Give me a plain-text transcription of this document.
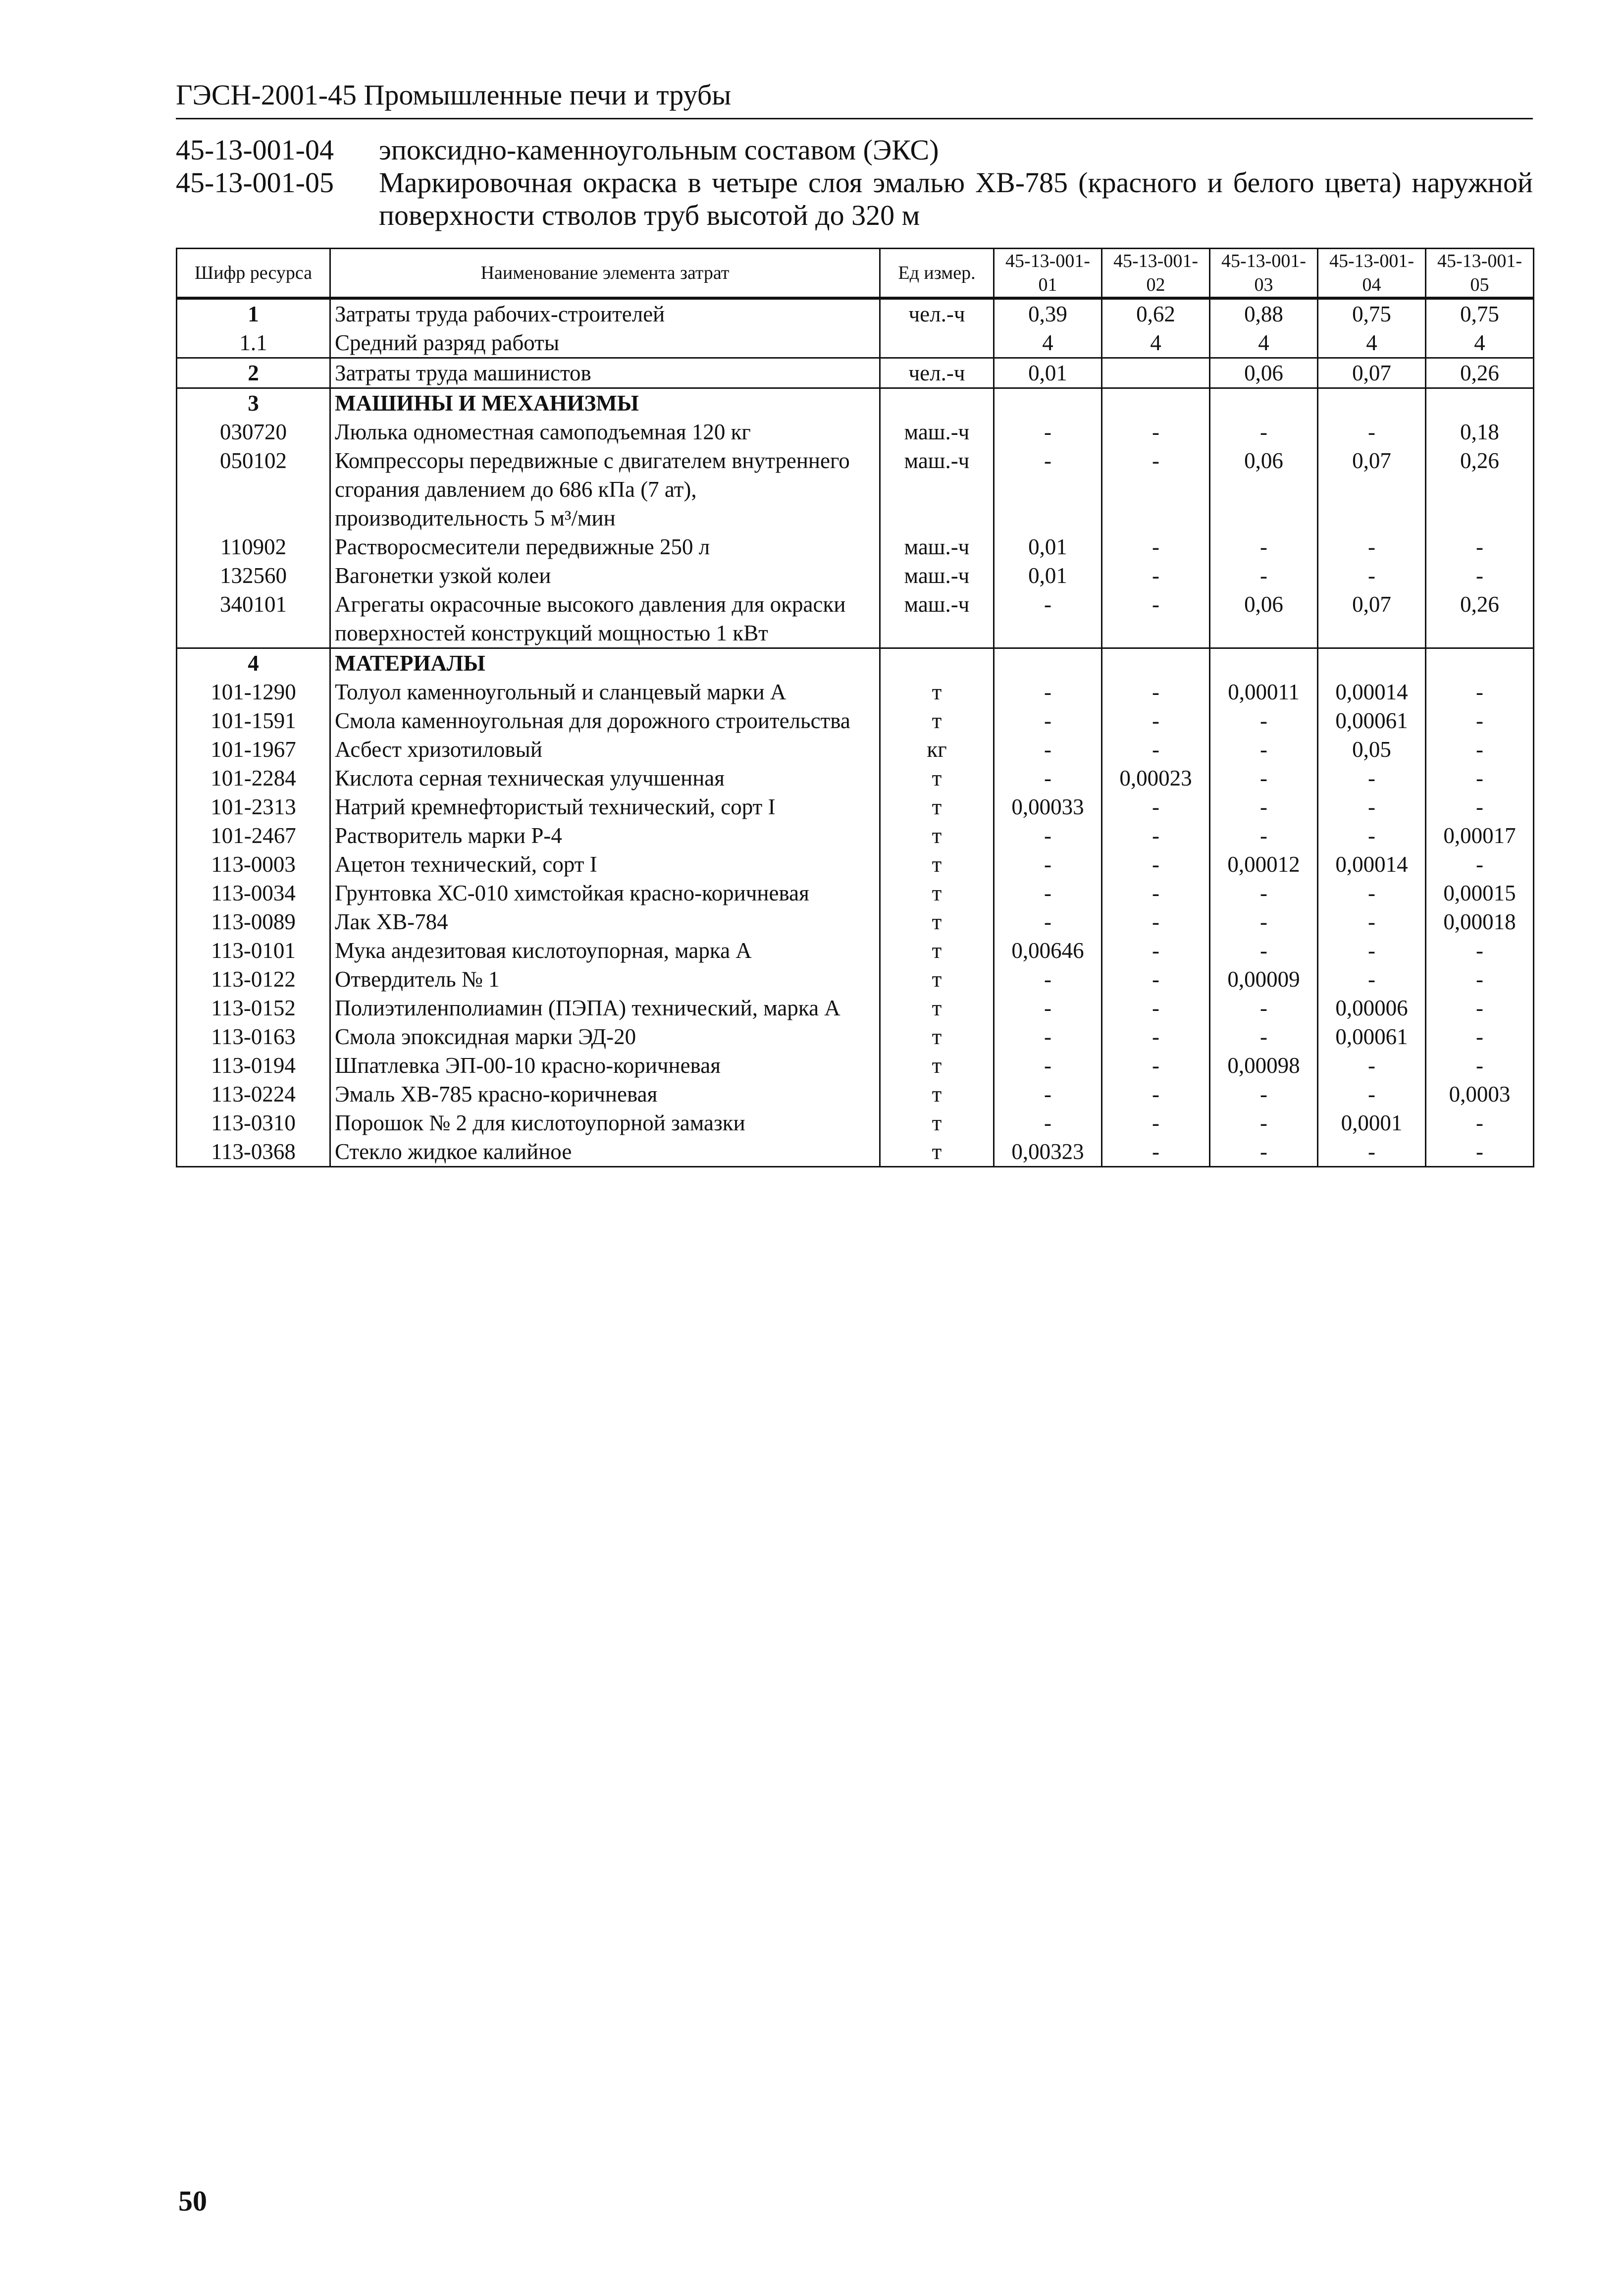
ГЭСН-2001-45 Промышленные печи и трубы
45-13-001-04	эпоксидно-каменноугольным составом (ЭКС)
45-13-001-05	Маркировочная окраска в четыре слоя эмалью ХВ-785 (красного и белого цвета) наружной поверхности стволов труб высотой до 320 м
Шифр ресурса	Наименование элемента затрат	Ед измер.	45-13-001-01	45-13-001-02	45-13-001-03	45-13-001-04	45-13-001-05
1	Затраты труда рабочих-строителей	чел.-ч	0,39	0,62	0,88	0,75	0,75
1.1	Средний разряд работы		4	4	4	4	4
2	Затраты труда машинистов	чел.-ч	0,01		0,06	0,07	0,26
3	МАШИНЫ И МЕХАНИЗМЫ						
030720	Люлька одноместная самоподъемная 120 кг	маш.-ч	-	-	-	-	0,18
050102	Компрессоры передвижные с двигателем внутреннего сгорания давлением до 686 кПа (7 ат), производительность 5 м³/мин	маш.-ч	-	-	0,06	0,07	0,26
110902	Растворосмесители передвижные 250 л	маш.-ч	0,01	-	-	-	-
132560	Вагонетки узкой колеи	маш.-ч	0,01	-	-	-	-
340101	Агрегаты окрасочные высокого давления для окраски поверхностей конструкций мощностью 1 кВт	маш.-ч	-	-	0,06	0,07	0,26
4	МАТЕРИАЛЫ						
101-1290	Толуол каменноугольный и сланцевый марки А	т	-	-	0,00011	0,00014	-
101-1591	Смола каменноугольная для дорожного строительства	т	-	-	-	0,00061	-
101-1967	Асбест хризотиловый	кг	-	-	-	0,05	-
101-2284	Кислота серная техническая улучшенная	т	-	0,00023	-	-	-
101-2313	Натрий кремнефтористый технический, сорт I	т	0,00033	-	-	-	-
101-2467	Растворитель марки Р-4	т	-	-	-	-	0,00017
113-0003	Ацетон технический, сорт I	т	-	-	0,00012	0,00014	-
113-0034	Грунтовка ХС-010 химстойкая красно-коричневая	т	-	-	-	-	0,00015
113-0089	Лак ХВ-784	т	-	-	-	-	0,00018
113-0101	Мука андезитовая кислотоупорная, марка А	т	0,00646	-	-	-	-
113-0122	Отвердитель № 1	т	-	-	0,00009	-	-
113-0152	Полиэтиленполиамин (ПЭПА) технический, марка А	т	-	-	-	0,00006	-
113-0163	Смола эпоксидная марки ЭД-20	т	-	-	-	0,00061	-
113-0194	Шпатлевка ЭП-00-10 красно-коричневая	т	-	-	0,00098	-	-
113-0224	Эмаль ХВ-785 красно-коричневая	т	-	-	-	-	0,0003
113-0310	Порошок № 2 для кислотоупорной замазки	т	-	-	-	0,0001	-
113-0368	Стекло жидкое калийное	т	0,00323	-	-	-	-
50
